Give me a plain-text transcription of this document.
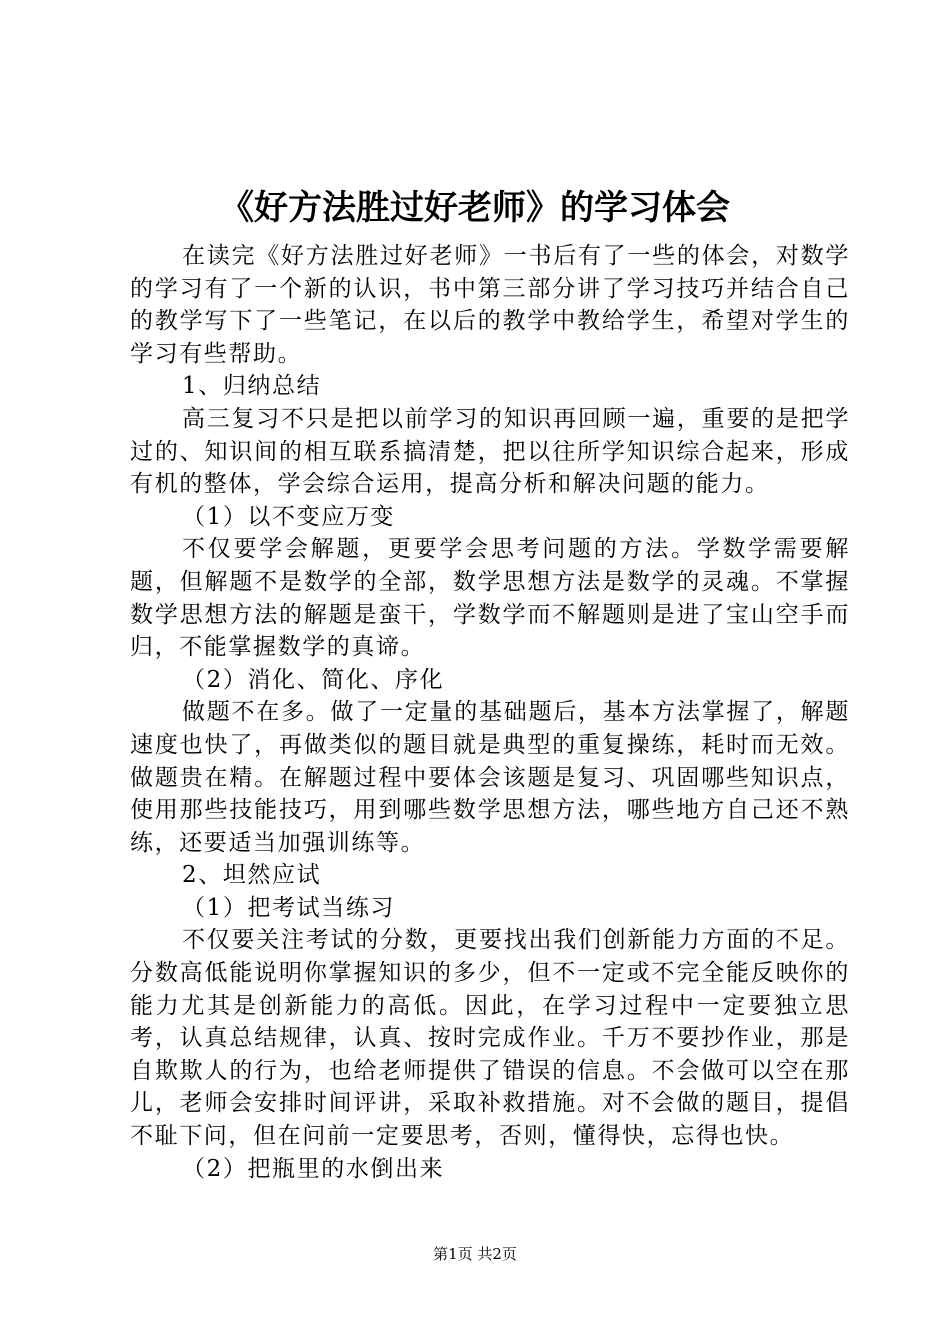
《好方法胜过好老师》的学习体会

在读完《好方法胜过好老师》一书后有了一些的体会，对数学的学习有了一个新的认识，书中第三部分讲了学习技巧并结合自己的教学写下了一些笔记，在以后的教学中教给学生，希望对学生的学习有些帮助。

1、归纳总结

高三复习不只是把以前学习的知识再回顾一遍，重要的是把学过的、知识间的相互联系搞清楚，把以往所学知识综合起来，形成有机的整体，学会综合运用，提高分析和解决问题的能力。

（1）以不变应万变

不仅要学会解题，更要学会思考问题的方法。学数学需要解题，但解题不是数学的全部，数学思想方法是数学的灵魂。不掌握数学思想方法的解题是蛮干，学数学而不解题则是进了宝山空手而归，不能掌握数学的真谛。

（2）消化、简化、序化

做题不在多。做了一定量的基础题后，基本方法掌握了，解题速度也快了，再做类似的题目就是典型的重复操练，耗时而无效。做题贵在精。在解题过程中要体会该题是复习、巩固哪些知识点，使用那些技能技巧，用到哪些数学思想方法，哪些地方自己还不熟练，还要适当加强训练等。

2、坦然应试

（1）把考试当练习

不仅要关注考试的分数，更要找出我们创新能力方面的不足。分数高低能说明你掌握知识的多少，但不一定或不完全能反映你的能力尤其是创新能力的高低。因此，在学习过程中一定要独立思考，认真总结规律，认真、按时完成作业。千万不要抄作业，那是自欺欺人的行为，也给老师提供了错误的信息。不会做可以空在那儿，老师会安排时间评讲，采取补救措施。对不会做的题目，提倡不耻下问，但在问前一定要思考，否则，懂得快，忘得也快。

（2）把瓶里的水倒出来

第1页 共2页
